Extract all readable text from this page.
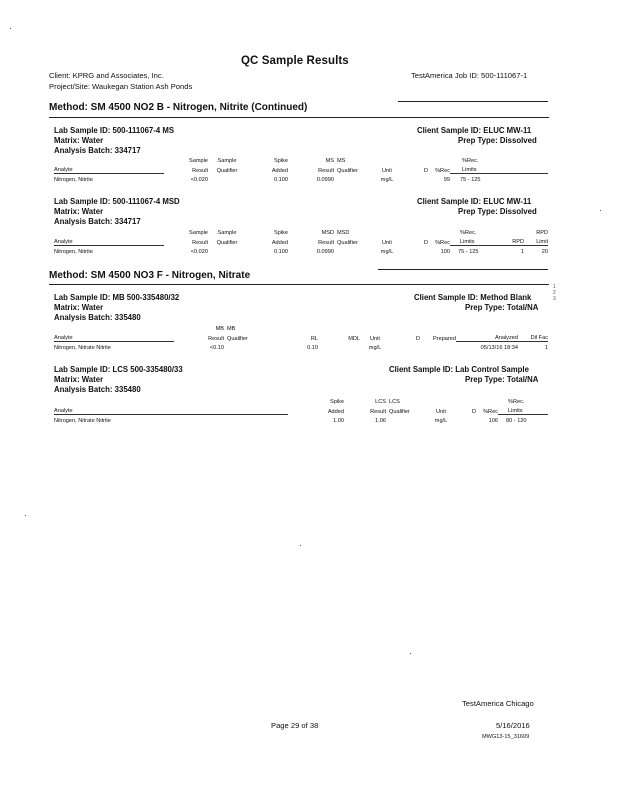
QC Sample Results
Client: KPRG and Associates, Inc.	TestAmerica Job ID: 500-111067-1
Project/Site: Waukegan Station Ash Ponds
Method: SM 4500 NO2 B - Nitrogen, Nitrite (Continued)
Lab Sample ID: 500-111067-4 MS	Client Sample ID: ELUC MW-11
Matrix: Water	Prep Type: Dissolved
Analysis Batch: 334717
	Sample	Sample	Spike	MS	MS				%Rec.	
Analyte	Result	Qualifier	Added	Result	Qualifier	Unit	D	%Rec	Limits	
Nitrogen, Nitrite	<0.020		0.100	0.0990		mg/L		99	75 - 125	
Lab Sample ID: 500-111067-4 MSD	Client Sample ID: ELUC MW-11
Matrix: Water	Prep Type: Dissolved
Analysis Batch: 334717
	Sample	Sample	Spike	MSD	MSD				%Rec.		RPD
Analyte	Result	Qualifier	Added	Result	Qualifier	Unit	D	%Rec	Limits	RPD	Limit
Nitrogen, Nitrite	<0.020		0.100	0.0990		mg/L		100	75 - 125	1	20
Method: SM 4500 NO3 F - Nitrogen, Nitrate
1
2
3
Lab Sample ID: MB 500-335480/32	Client Sample ID: Method Blank
Matrix: Water	Prep Type: Total/NA
Analysis Batch: 335480
	MB	MB							
Analyte	Result	Qualifier	RL	MDL	Unit	D	Prepared	Analyzed	Dil Fac
Nitrogen, Nitrate Nitrite	<0.10		0.10		mg/L			05/13/16 18:34	1
Lab Sample ID: LCS 500-335480/33	Client Sample ID: Lab Control Sample
Matrix: Water	Prep Type: Total/NA
Analysis Batch: 335480
	Spike	LCS	LCS				%Rec.
Analyte	Added	Result	Qualifier	Unit	D	%Rec	Limits
Nitrogen, Nitrate Nitrite	1.00	1.06		mg/L		106	80 - 120
TestAmerica Chicago
Page 29 of 38	5/16/2016
MWG13-15_31609
